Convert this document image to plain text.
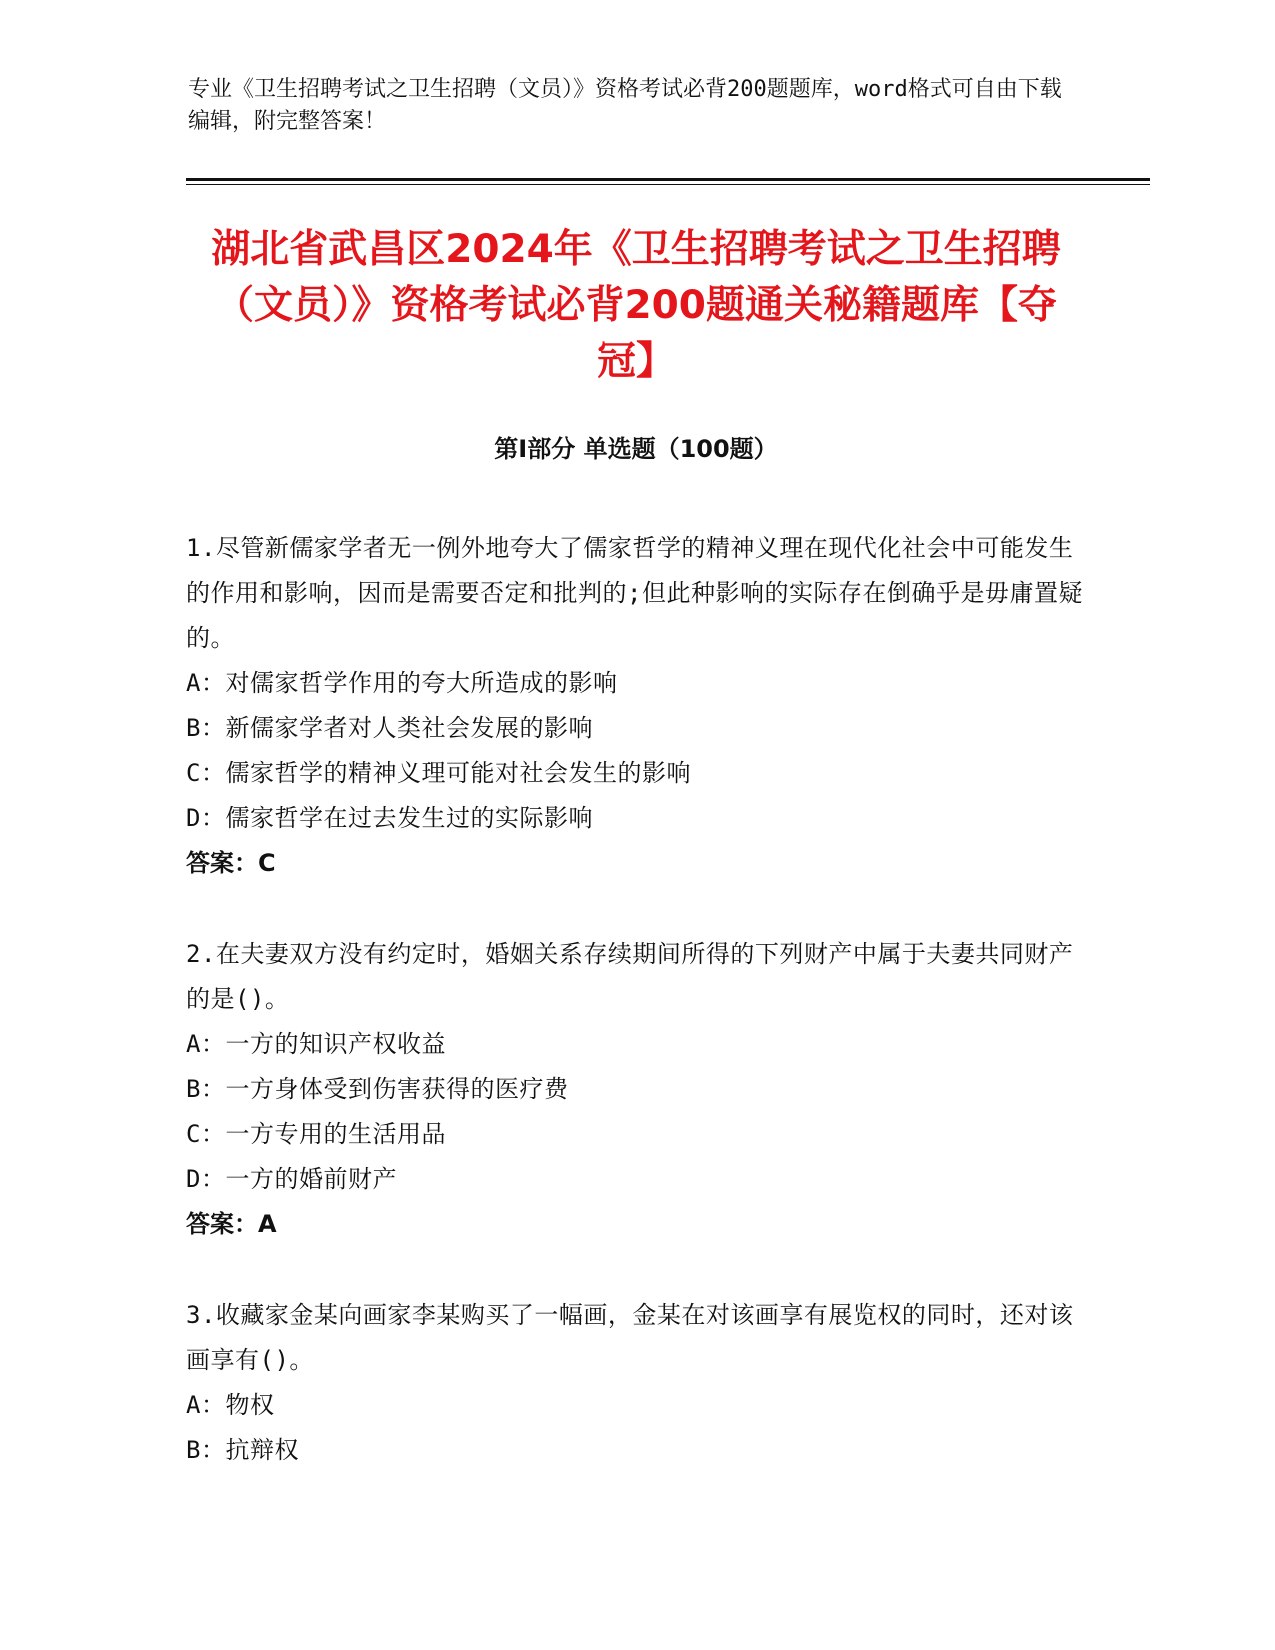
专业《卫生招聘考试之卫生招聘（文员）》资格考试必背200题题库，word格式可自由下载编辑，附完整答案！
湖北省武昌区2024年《卫生招聘考试之卫生招聘（文员）》资格考试必背200题通关秘籍题库【夺冠】
第I部分 单选题（100题）

1.尽管新儒家学者无一例外地夸大了儒家哲学的精神义理在现代化社会中可能发生的作用和影响，因而是需要否定和批判的;但此种影响的实际存在倒确乎是毋庸置疑的。

A：对儒家哲学作用的夸大所造成的影响

B：新儒家学者对人类社会发展的影响

C：儒家哲学的精神义理可能对社会发生的影响

D：儒家哲学在过去发生过的实际影响

答案：C

2.在夫妻双方没有约定时，婚姻关系存续期间所得的下列财产中属于夫妻共同财产的是()。

A：一方的知识产权收益

B：一方身体受到伤害获得的医疗费

C：一方专用的生活用品

D：一方的婚前财产

答案：A

3.收藏家金某向画家李某购买了一幅画，金某在对该画享有展览权的同时，还对该画享有()。

A：物权

B：抗辩权
